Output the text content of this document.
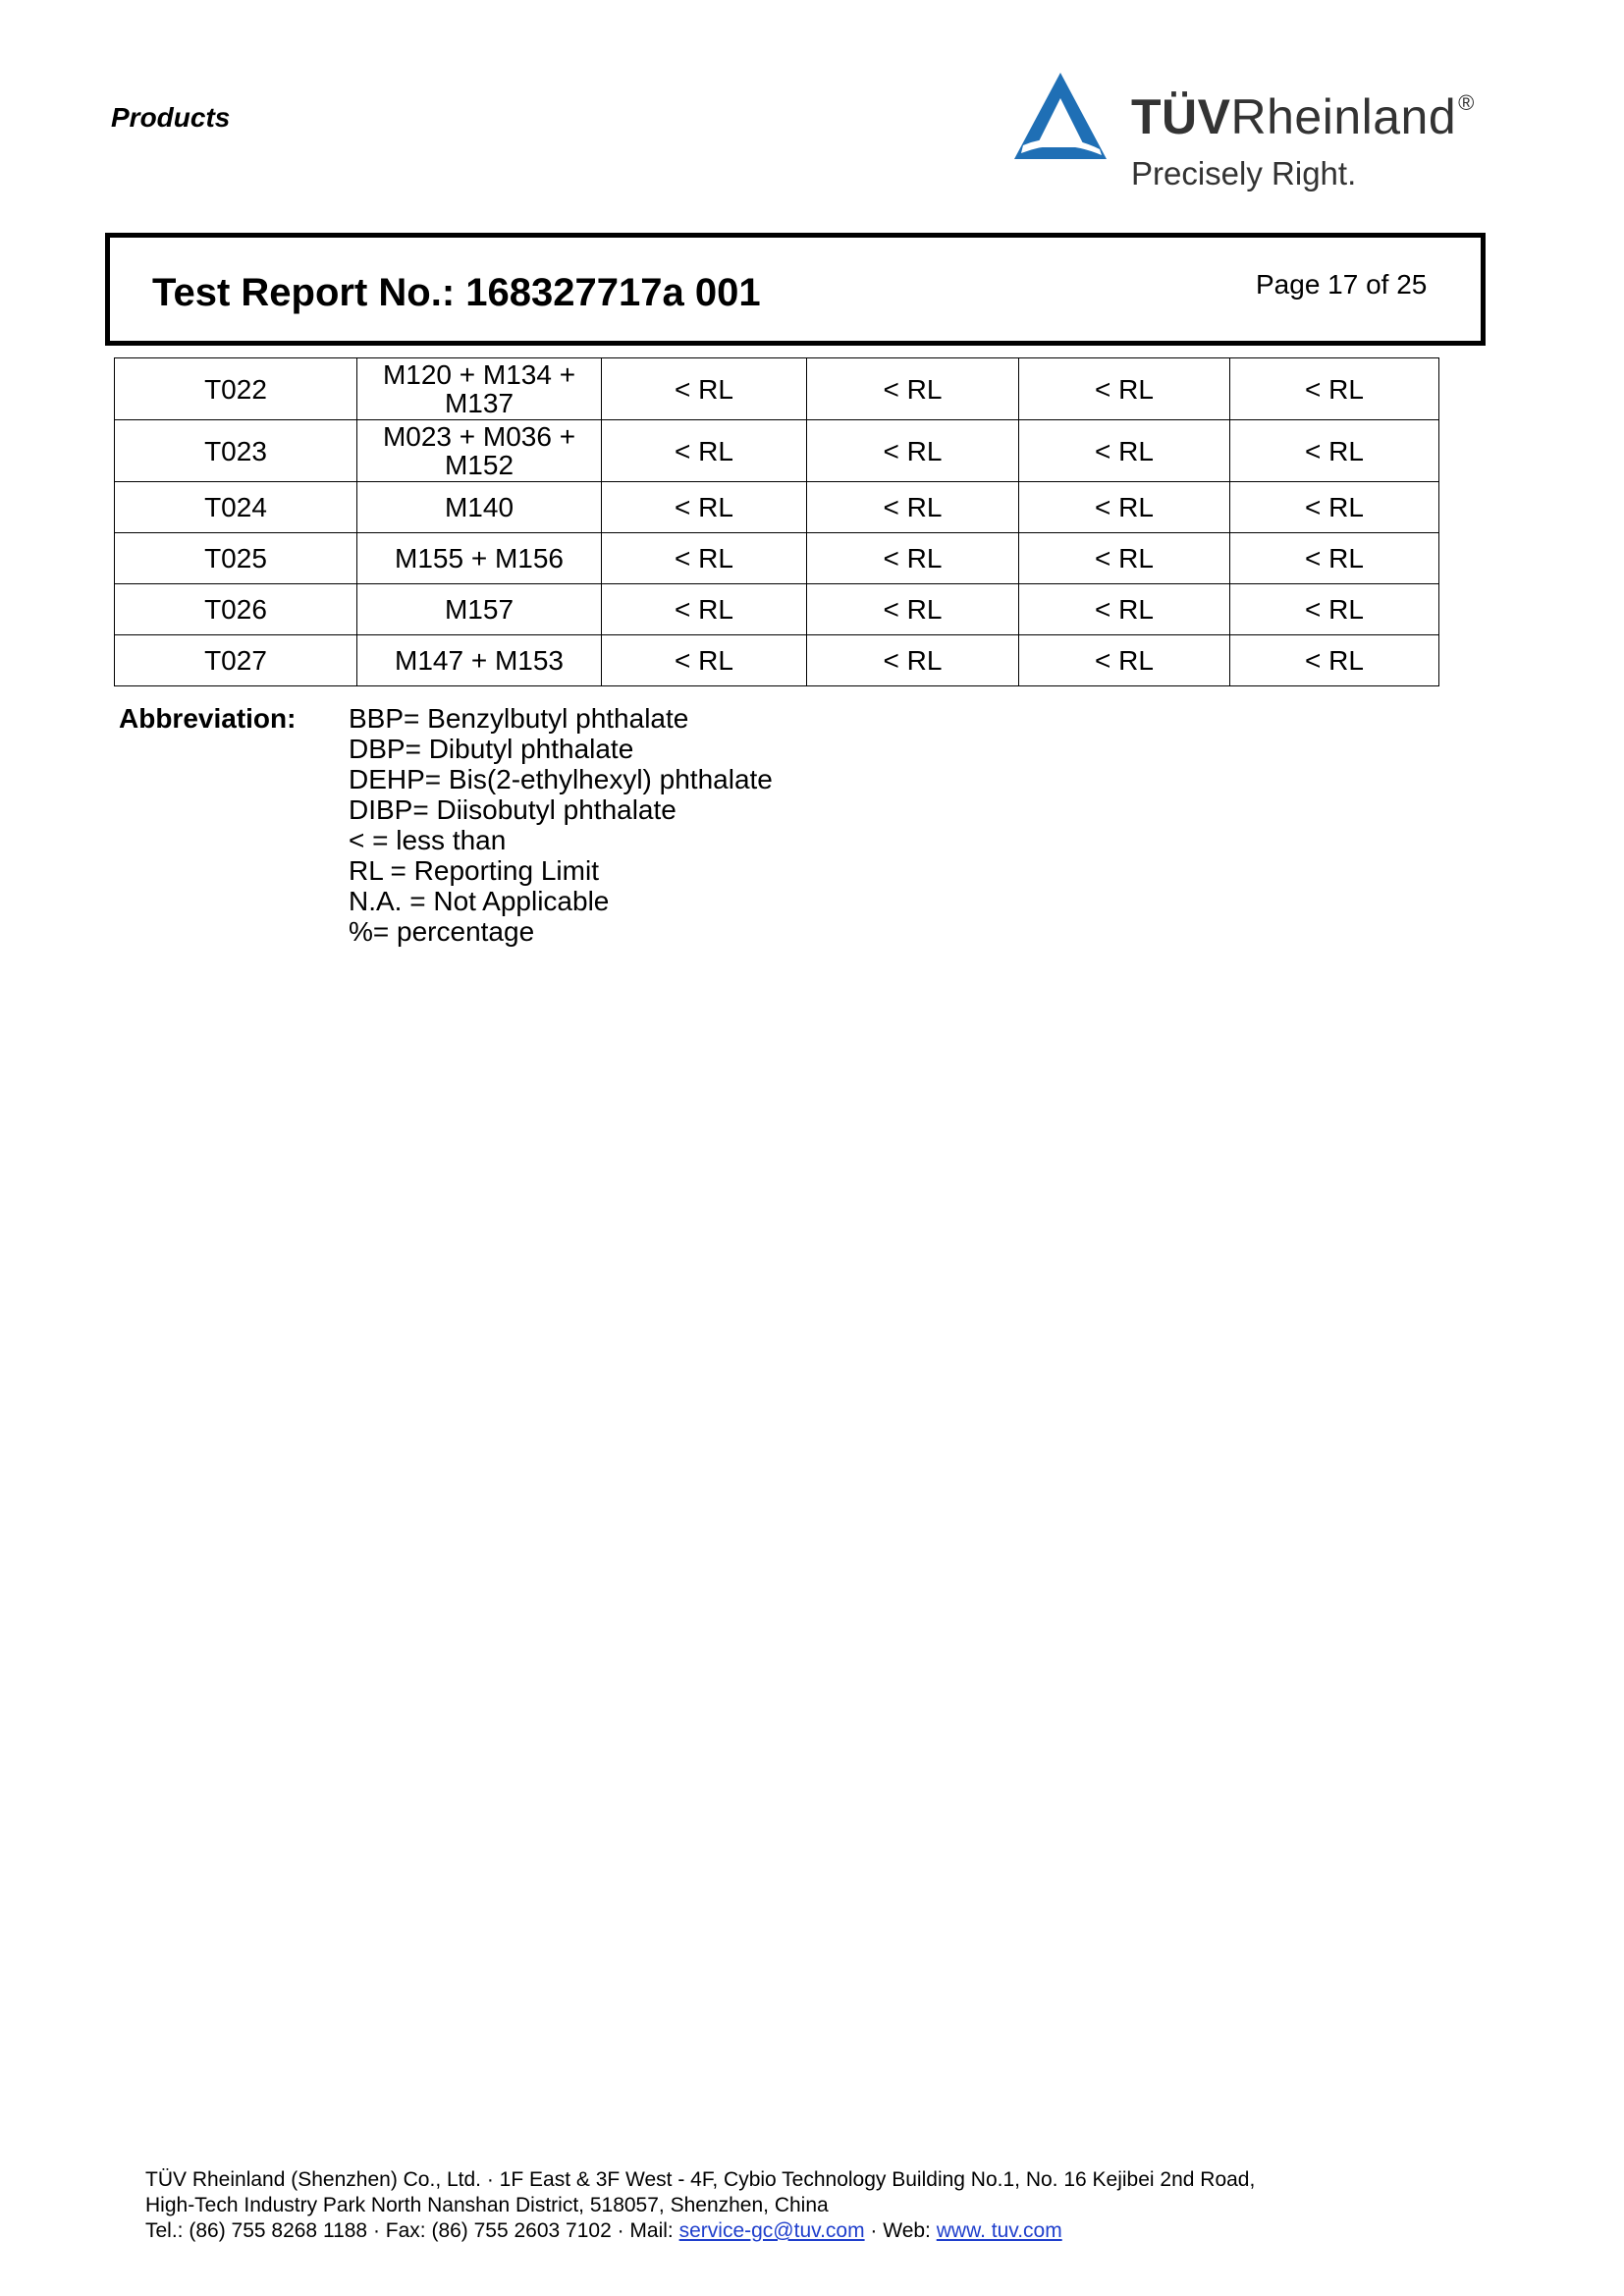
Products	TÜVRheinland®
Precisely Right.
Test Report No.: 168327717a 001	Page 17 of 25
T022	M120 + M134 + M137	< RL	< RL	< RL	< RL
T023	M023 + M036 + M152	< RL	< RL	< RL	< RL
T024	M140	< RL	< RL	< RL	< RL
T025	M155 + M156	< RL	< RL	< RL	< RL
T026	M157	< RL	< RL	< RL	< RL
T027	M147 + M153	< RL	< RL	< RL	< RL
Abbreviation: BBP= Benzylbutyl phthalate
DBP= Dibutyl phthalate
DEHP= Bis(2-ethylhexyl) phthalate
DIBP= Diisobutyl phthalate
< = less than
RL = Reporting Limit
N.A. = Not Applicable
%= percentage
TÜV Rheinland (Shenzhen) Co., Ltd. · 1F East & 3F West - 4F, Cybio Technology Building No.1, No. 16 Kejibei 2nd Road,
High-Tech Industry Park North Nanshan District, 518057, Shenzhen, China
Tel.: (86) 755 8268 1188 · Fax: (86) 755 2603 7102 · Mail: service-gc@tuv.com · Web: www. tuv.com
